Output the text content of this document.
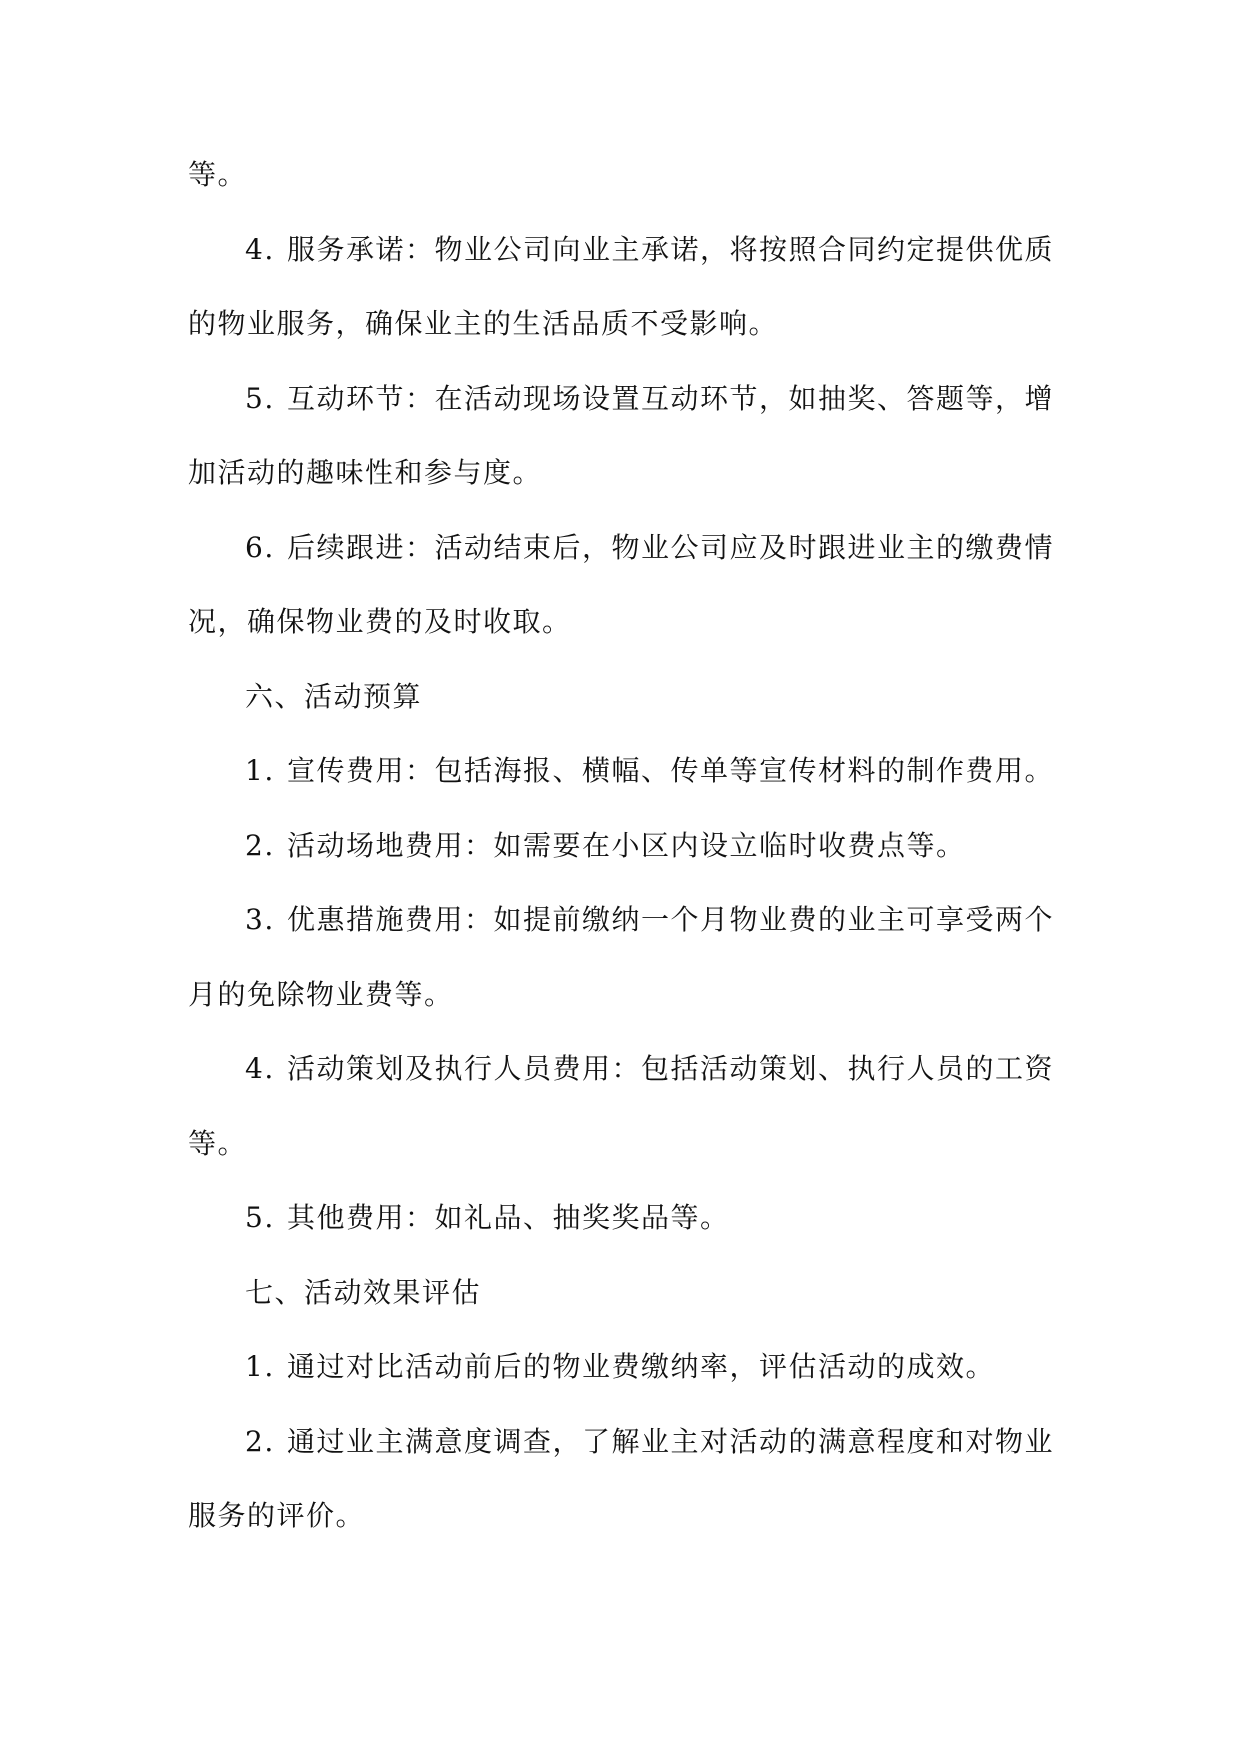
等。

4. 服务承诺：物业公司向业主承诺，将按照合同约定提供优质的物业服务，确保业主的生活品质不受影响。

5. 互动环节：在活动现场设置互动环节，如抽奖、答题等，增加活动的趣味性和参与度。

6. 后续跟进：活动结束后，物业公司应及时跟进业主的缴费情况，确保物业费的及时收取。

六、活动预算

1. 宣传费用：包括海报、横幅、传单等宣传材料的制作费用。

2. 活动场地费用：如需要在小区内设立临时收费点等。

3. 优惠措施费用：如提前缴纳一个月物业费的业主可享受两个月的免除物业费等。

4. 活动策划及执行人员费用：包括活动策划、执行人员的工资等。

5. 其他费用：如礼品、抽奖奖品等。

七、活动效果评估

1. 通过对比活动前后的物业费缴纳率，评估活动的成效。

2. 通过业主满意度调查，了解业主对活动的满意程度和对物业服务的评价。
